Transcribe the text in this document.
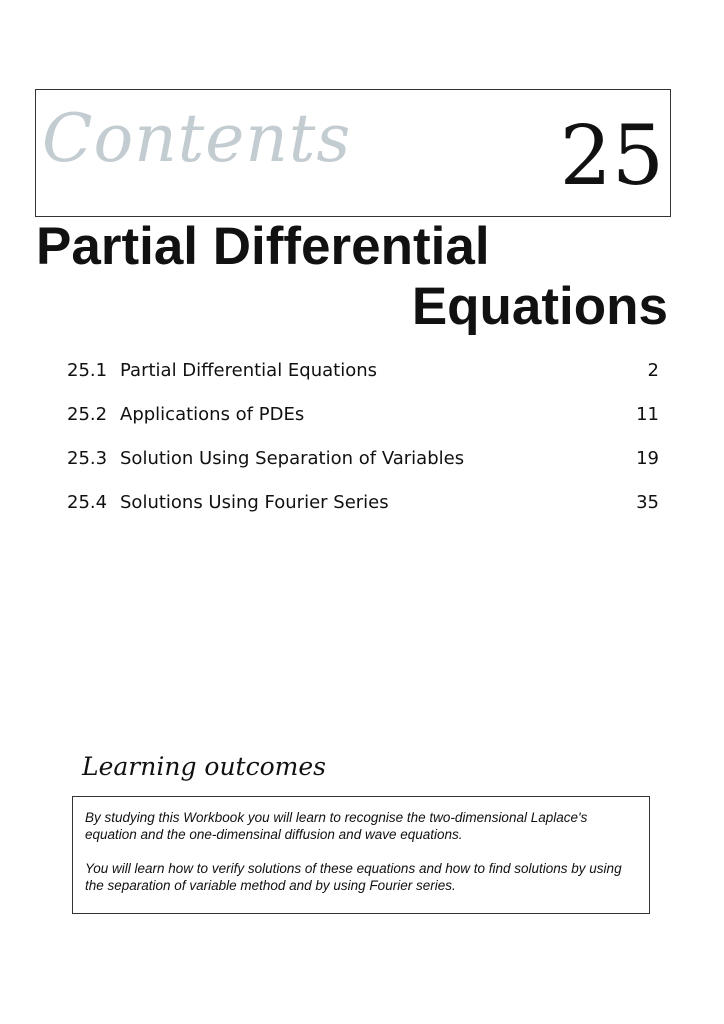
Contents	25
Partial Differential
Equations
25.1 Partial Differential Equations	2
25.2 Applications of PDEs	11
25.3 Solution Using Separation of Variables	19
25.4 Solutions Using Fourier Series	35
Learning outcomes

By studying this Workbook you will learn to recognise the two-dimensional Laplace's equation and the one-dimensinal diffusion and wave equations.

You will learn how to verify solutions of these equations and how to find solutions by using the separation of variable method and by using Fourier series.
